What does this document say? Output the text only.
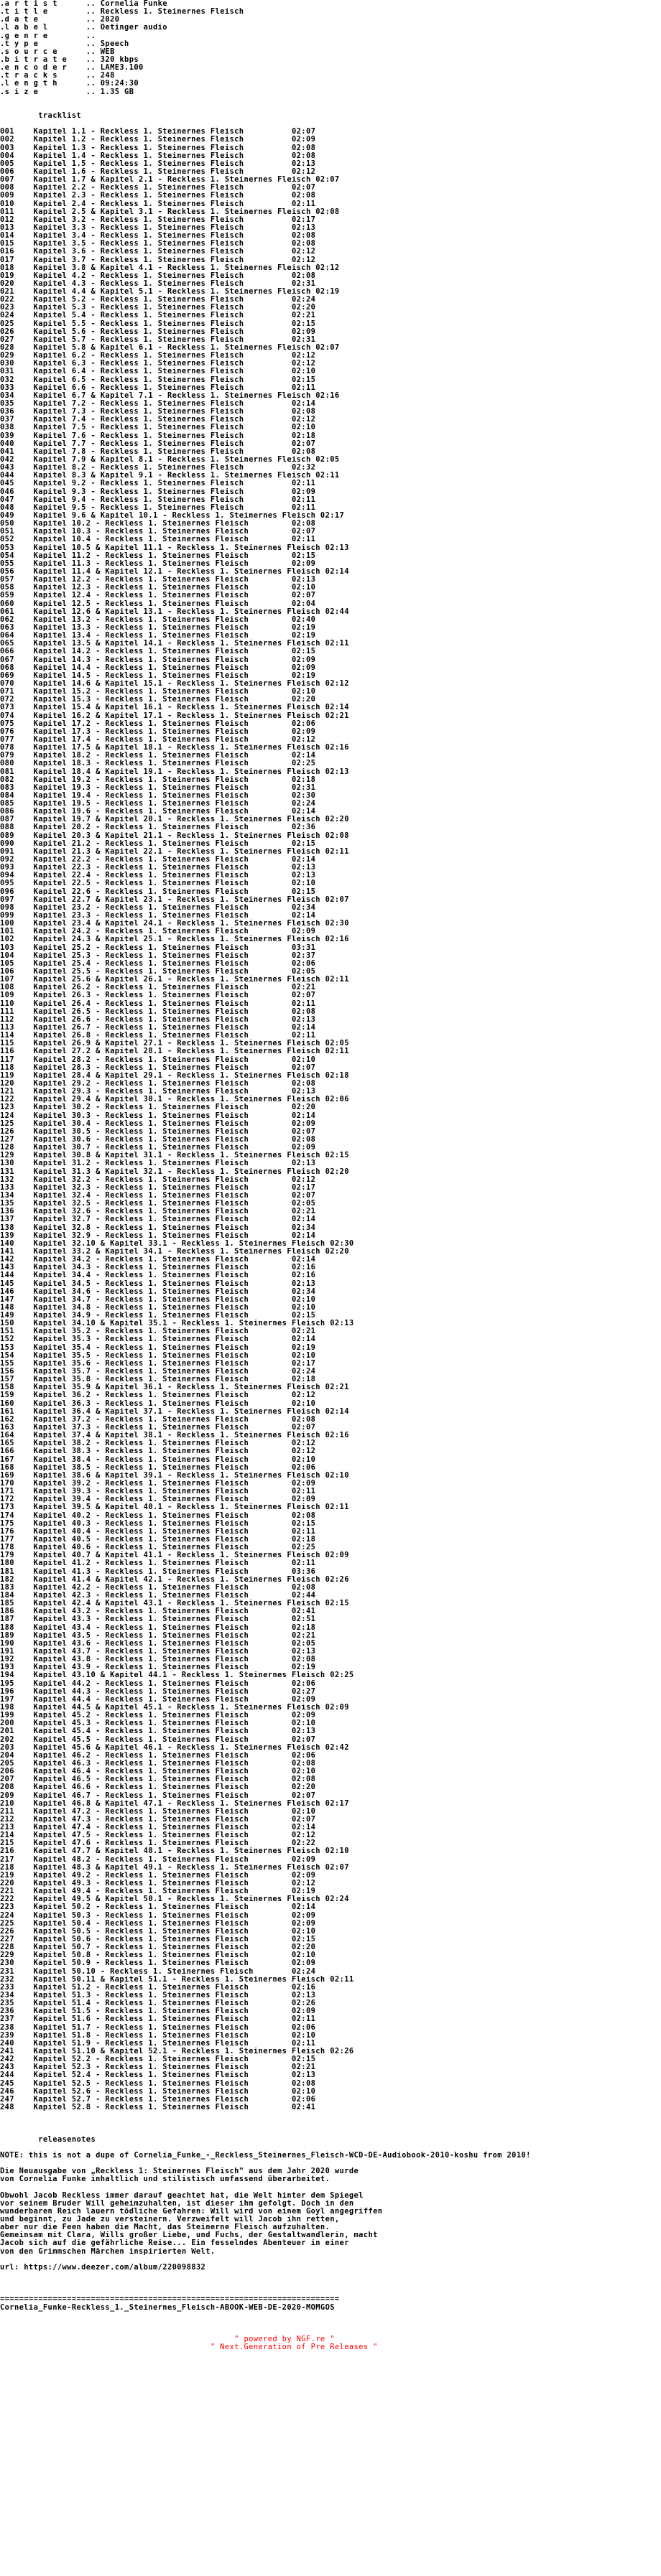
.a r t i s t      .. Cornelia Funke
.t i t l e        .. Reckless 1. Steinernes Fleisch
.d a t e          .. 2020
.l a b e l        .. Oetinger audio
.g e n r e        ..
.t y p e          .. Speech
.s o u r c e      .. WEB
.b i t r a t e    .. 320 kbps
.e n c o d e r    .. LAME3.100
.t r a c k s      .. 248
.l e n g t h      .. 09:24:30
.s i z e          .. 1.35 GB

tracklist

001    Kapitel 1.1 - Reckless 1. Steinernes Fleisch          02:07
002    Kapitel 1.2 - Reckless 1. Steinernes Fleisch          02:09
003    Kapitel 1.3 - Reckless 1. Steinernes Fleisch          02:08
004    Kapitel 1.4 - Reckless 1. Steinernes Fleisch          02:08
005    Kapitel 1.5 - Reckless 1. Steinernes Fleisch          02:13
006    Kapitel 1.6 - Reckless 1. Steinernes Fleisch          02:12
007    Kapitel 1.7 & Kapitel 2.1 - Reckless 1. Steinernes Fleisch 02:07
008    Kapitel 2.2 - Reckless 1. Steinernes Fleisch          02:07
009    Kapitel 2.3 - Reckless 1. Steinernes Fleisch          02:08
010    Kapitel 2.4 - Reckless 1. Steinernes Fleisch          02:11
011    Kapitel 2.5 & Kapitel 3.1 - Reckless 1. Steinernes Fleisch 02:08
012    Kapitel 3.2 - Reckless 1. Steinernes Fleisch          02:17
013    Kapitel 3.3 - Reckless 1. Steinernes Fleisch          02:13
014    Kapitel 3.4 - Reckless 1. Steinernes Fleisch          02:08
015    Kapitel 3.5 - Reckless 1. Steinernes Fleisch          02:08
016    Kapitel 3.6 - Reckless 1. Steinernes Fleisch          02:12
017    Kapitel 3.7 - Reckless 1. Steinernes Fleisch          02:12
018    Kapitel 3.8 & Kapitel 4.1 - Reckless 1. Steinernes Fleisch 02:12
019    Kapitel 4.2 - Reckless 1. Steinernes Fleisch          02:08
020    Kapitel 4.3 - Reckless 1. Steinernes Fleisch          02:31
021    Kapitel 4.4 & Kapitel 5.1 - Reckless 1. Steinernes Fleisch 02:19
022    Kapitel 5.2 - Reckless 1. Steinernes Fleisch          02:24
023    Kapitel 5.3 - Reckless 1. Steinernes Fleisch          02:20
024    Kapitel 5.4 - Reckless 1. Steinernes Fleisch          02:21
025    Kapitel 5.5 - Reckless 1. Steinernes Fleisch          02:15
026    Kapitel 5.6 - Reckless 1. Steinernes Fleisch          02:09
027    Kapitel 5.7 - Reckless 1. Steinernes Fleisch          02:31
028    Kapitel 5.8 & Kapitel 6.1 - Reckless 1. Steinernes Fleisch 02:07
029    Kapitel 6.2 - Reckless 1. Steinernes Fleisch          02:12
030    Kapitel 6.3 - Reckless 1. Steinernes Fleisch          02:12
031    Kapitel 6.4 - Reckless 1. Steinernes Fleisch          02:10
032    Kapitel 6.5 - Reckless 1. Steinernes Fleisch          02:15
033    Kapitel 6.6 - Reckless 1. Steinernes Fleisch          02:11
034    Kapitel 6.7 & Kapitel 7.1 - Reckless 1. Steinernes Fleisch 02:16
035    Kapitel 7.2 - Reckless 1. Steinernes Fleisch          02:14
036    Kapitel 7.3 - Reckless 1. Steinernes Fleisch          02:08
037    Kapitel 7.4 - Reckless 1. Steinernes Fleisch          02:12
038    Kapitel 7.5 - Reckless 1. Steinernes Fleisch          02:10
039    Kapitel 7.6 - Reckless 1. Steinernes Fleisch          02:18
040    Kapitel 7.7 - Reckless 1. Steinernes Fleisch          02:07
041    Kapitel 7.8 - Reckless 1. Steinernes Fleisch          02:08
042    Kapitel 7.9 & Kapitel 8.1 - Reckless 1. Steinernes Fleisch 02:05
043    Kapitel 8.2 - Reckless 1. Steinernes Fleisch          02:32
044    Kapitel 8.3 & Kapitel 9.1 - Reckless 1. Steinernes Fleisch 02:11
045    Kapitel 9.2 - Reckless 1. Steinernes Fleisch          02:11
046    Kapitel 9.3 - Reckless 1. Steinernes Fleisch          02:09
047    Kapitel 9.4 - Reckless 1. Steinernes Fleisch          02:11
048    Kapitel 9.5 - Reckless 1. Steinernes Fleisch          02:11
049    Kapitel 9.6 & Kapitel 10.1 - Reckless 1. Steinernes Fleisch 02:17
050    Kapitel 10.2 - Reckless 1. Steinernes Fleisch         02:08
051    Kapitel 10.3 - Reckless 1. Steinernes Fleisch         02:07
052    Kapitel 10.4 - Reckless 1. Steinernes Fleisch         02:11
053    Kapitel 10.5 & Kapitel 11.1 - Reckless 1. Steinernes Fleisch 02:13
054    Kapitel 11.2 - Reckless 1. Steinernes Fleisch         02:15
055    Kapitel 11.3 - Reckless 1. Steinernes Fleisch         02:09
056    Kapitel 11.4 & Kapitel 12.1 - Reckless 1. Steinernes Fleisch 02:14
057    Kapitel 12.2 - Reckless 1. Steinernes Fleisch         02:13
058    Kapitel 12.3 - Reckless 1. Steinernes Fleisch         02:10
059    Kapitel 12.4 - Reckless 1. Steinernes Fleisch         02:07
060    Kapitel 12.5 - Reckless 1. Steinernes Fleisch         02:04
061    Kapitel 12.6 & Kapitel 13.1 - Reckless 1. Steinernes Fleisch 02:44
062    Kapitel 13.2 - Reckless 1. Steinernes Fleisch         02:40
063    Kapitel 13.3 - Reckless 1. Steinernes Fleisch         02:19
064    Kapitel 13.4 - Reckless 1. Steinernes Fleisch         02:19
065    Kapitel 13.5 & Kapitel 14.1 - Reckless 1. Steinernes Fleisch 02:11
066    Kapitel 14.2 - Reckless 1. Steinernes Fleisch         02:15
067    Kapitel 14.3 - Reckless 1. Steinernes Fleisch         02:09
068    Kapitel 14.4 - Reckless 1. Steinernes Fleisch         02:09
069    Kapitel 14.5 - Reckless 1. Steinernes Fleisch         02:19
070    Kapitel 14.6 & Kapitel 15.1 - Reckless 1. Steinernes Fleisch 02:12
071    Kapitel 15.2 - Reckless 1. Steinernes Fleisch         02:10
072    Kapitel 15.3 - Reckless 1. Steinernes Fleisch         02:20
073    Kapitel 15.4 & Kapitel 16.1 - Reckless 1. Steinernes Fleisch 02:14
074    Kapitel 16.2 & Kapitel 17.1 - Reckless 1. Steinernes Fleisch 02:21
075    Kapitel 17.2 - Reckless 1. Steinernes Fleisch         02:06
076    Kapitel 17.3 - Reckless 1. Steinernes Fleisch         02:09
077    Kapitel 17.4 - Reckless 1. Steinernes Fleisch         02:12
078    Kapitel 17.5 & Kapitel 18.1 - Reckless 1. Steinernes Fleisch 02:16
079    Kapitel 18.2 - Reckless 1. Steinernes Fleisch         02:14
080    Kapitel 18.3 - Reckless 1. Steinernes Fleisch         02:25
081    Kapitel 18.4 & Kapitel 19.1 - Reckless 1. Steinernes Fleisch 02:13
082    Kapitel 19.2 - Reckless 1. Steinernes Fleisch         02:18
083    Kapitel 19.3 - Reckless 1. Steinernes Fleisch         02:31
084    Kapitel 19.4 - Reckless 1. Steinernes Fleisch         02:30
085    Kapitel 19.5 - Reckless 1. Steinernes Fleisch         02:24
086    Kapitel 19.6 - Reckless 1. Steinernes Fleisch         02:14
087    Kapitel 19.7 & Kapitel 20.1 - Reckless 1. Steinernes Fleisch 02:20
088    Kapitel 20.2 - Reckless 1. Steinernes Fleisch         02:36
089    Kapitel 20.3 & Kapitel 21.1 - Reckless 1. Steinernes Fleisch 02:08
090    Kapitel 21.2 - Reckless 1. Steinernes Fleisch         02:15
091    Kapitel 21.3 & Kapitel 22.1 - Reckless 1. Steinernes Fleisch 02:11
092    Kapitel 22.2 - Reckless 1. Steinernes Fleisch         02:14
093    Kapitel 22.3 - Reckless 1. Steinernes Fleisch         02:13
094    Kapitel 22.4 - Reckless 1. Steinernes Fleisch         02:13
095    Kapitel 22.5 - Reckless 1. Steinernes Fleisch         02:10
096    Kapitel 22.6 - Reckless 1. Steinernes Fleisch         02:15
097    Kapitel 22.7 & Kapitel 23.1 - Reckless 1. Steinernes Fleisch 02:07
098    Kapitel 23.2 - Reckless 1. Steinernes Fleisch         02:34
099    Kapitel 23.3 - Reckless 1. Steinernes Fleisch         02:14
100    Kapitel 23.4 & Kapitel 24.1 - Reckless 1. Steinernes Fleisch 02:30
101    Kapitel 24.2 - Reckless 1. Steinernes Fleisch         02:09
102    Kapitel 24.3 & Kapitel 25.1 - Reckless 1. Steinernes Fleisch 02:16
103    Kapitel 25.2 - Reckless 1. Steinernes Fleisch         03:31
104    Kapitel 25.3 - Reckless 1. Steinernes Fleisch         02:37
105    Kapitel 25.4 - Reckless 1. Steinernes Fleisch         02:06
106    Kapitel 25.5 - Reckless 1. Steinernes Fleisch         02:05
107    Kapitel 25.6 & Kapitel 26.1 - Reckless 1. Steinernes Fleisch 02:11
108    Kapitel 26.2 - Reckless 1. Steinernes Fleisch         02:21
109    Kapitel 26.3 - Reckless 1. Steinernes Fleisch         02:07
110    Kapitel 26.4 - Reckless 1. Steinernes Fleisch         02:11
111    Kapitel 26.5 - Reckless 1. Steinernes Fleisch         02:08
112    Kapitel 26.6 - Reckless 1. Steinernes Fleisch         02:13
113    Kapitel 26.7 - Reckless 1. Steinernes Fleisch         02:14
114    Kapitel 26.8 - Reckless 1. Steinernes Fleisch         02:11
115    Kapitel 26.9 & Kapitel 27.1 - Reckless 1. Steinernes Fleisch 02:05
116    Kapitel 27.2 & Kapitel 28.1 - Reckless 1. Steinernes Fleisch 02:11
117    Kapitel 28.2 - Reckless 1. Steinernes Fleisch         02:10
118    Kapitel 28.3 - Reckless 1. Steinernes Fleisch         02:07
119    Kapitel 28.4 & Kapitel 29.1 - Reckless 1. Steinernes Fleisch 02:18
120    Kapitel 29.2 - Reckless 1. Steinernes Fleisch         02:08
121    Kapitel 29.3 - Reckless 1. Steinernes Fleisch         02:13
122    Kapitel 29.4 & Kapitel 30.1 - Reckless 1. Steinernes Fleisch 02:06
123    Kapitel 30.2 - Reckless 1. Steinernes Fleisch         02:20
124    Kapitel 30.3 - Reckless 1. Steinernes Fleisch         02:14
125    Kapitel 30.4 - Reckless 1. Steinernes Fleisch         02:09
126    Kapitel 30.5 - Reckless 1. Steinernes Fleisch         02:07
127    Kapitel 30.6 - Reckless 1. Steinernes Fleisch         02:08
128    Kapitel 30.7 - Reckless 1. Steinernes Fleisch         02:09
129    Kapitel 30.8 & Kapitel 31.1 - Reckless 1. Steinernes Fleisch 02:15
130    Kapitel 31.2 - Reckless 1. Steinernes Fleisch         02:13
131    Kapitel 31.3 & Kapitel 32.1 - Reckless 1. Steinernes Fleisch 02:20
132    Kapitel 32.2 - Reckless 1. Steinernes Fleisch         02:12
133    Kapitel 32.3 - Reckless 1. Steinernes Fleisch         02:17
134    Kapitel 32.4 - Reckless 1. Steinernes Fleisch         02:07
135    Kapitel 32.5 - Reckless 1. Steinernes Fleisch         02:05
136    Kapitel 32.6 - Reckless 1. Steinernes Fleisch         02:21
137    Kapitel 32.7 - Reckless 1. Steinernes Fleisch         02:14
138    Kapitel 32.8 - Reckless 1. Steinernes Fleisch         02:34
139    Kapitel 32.9 - Reckless 1. Steinernes Fleisch         02:14
140    Kapitel 32.10 & Kapitel 33.1 - Reckless 1. Steinernes Fleisch 02:30
141    Kapitel 33.2 & Kapitel 34.1 - Reckless 1. Steinernes Fleisch 02:20
142    Kapitel 34.2 - Reckless 1. Steinernes Fleisch         02:14
143    Kapitel 34.3 - Reckless 1. Steinernes Fleisch         02:16
144    Kapitel 34.4 - Reckless 1. Steinernes Fleisch         02:16
145    Kapitel 34.5 - Reckless 1. Steinernes Fleisch         02:13
146    Kapitel 34.6 - Reckless 1. Steinernes Fleisch         02:34
147    Kapitel 34.7 - Reckless 1. Steinernes Fleisch         02:10
148    Kapitel 34.8 - Reckless 1. Steinernes Fleisch         02:10
149    Kapitel 34.9 - Reckless 1. Steinernes Fleisch         02:15
150    Kapitel 34.10 & Kapitel 35.1 - Reckless 1. Steinernes Fleisch 02:13
151    Kapitel 35.2 - Reckless 1. Steinernes Fleisch         02:21
152    Kapitel 35.3 - Reckless 1. Steinernes Fleisch         02:14
153    Kapitel 35.4 - Reckless 1. Steinernes Fleisch         02:19
154    Kapitel 35.5 - Reckless 1. Steinernes Fleisch         02:10
155    Kapitel 35.6 - Reckless 1. Steinernes Fleisch         02:17
156    Kapitel 35.7 - Reckless 1. Steinernes Fleisch         02:24
157    Kapitel 35.8 - Reckless 1. Steinernes Fleisch         02:18
158    Kapitel 35.9 & Kapitel 36.1 - Reckless 1. Steinernes Fleisch 02:21
159    Kapitel 36.2 - Reckless 1. Steinernes Fleisch         02:12
160    Kapitel 36.3 - Reckless 1. Steinernes Fleisch         02:10
161    Kapitel 36.4 & Kapitel 37.1 - Reckless 1. Steinernes Fleisch 02:14
162    Kapitel 37.2 - Reckless 1. Steinernes Fleisch         02:08
163    Kapitel 37.3 - Reckless 1. Steinernes Fleisch         02:07
164    Kapitel 37.4 & Kapitel 38.1 - Reckless 1. Steinernes Fleisch 02:16
165    Kapitel 38.2 - Reckless 1. Steinernes Fleisch         02:12
166    Kapitel 38.3 - Reckless 1. Steinernes Fleisch         02:12
167    Kapitel 38.4 - Reckless 1. Steinernes Fleisch         02:10
168    Kapitel 38.5 - Reckless 1. Steinernes Fleisch         02:06
169    Kapitel 38.6 & Kapitel 39.1 - Reckless 1. Steinernes Fleisch 02:10
170    Kapitel 39.2 - Reckless 1. Steinernes Fleisch         02:09
171    Kapitel 39.3 - Reckless 1. Steinernes Fleisch         02:11
172    Kapitel 39.4 - Reckless 1. Steinernes Fleisch         02:09
173    Kapitel 39.5 & Kapitel 40.1 - Reckless 1. Steinernes Fleisch 02:11
174    Kapitel 40.2 - Reckless 1. Steinernes Fleisch         02:08
175    Kapitel 40.3 - Reckless 1. Steinernes Fleisch         02:15
176    Kapitel 40.4 - Reckless 1. Steinernes Fleisch         02:11
177    Kapitel 40.5 - Reckless 1. Steinernes Fleisch         02:18
178    Kapitel 40.6 - Reckless 1. Steinernes Fleisch         02:25
179    Kapitel 40.7 & Kapitel 41.1 - Reckless 1. Steinernes Fleisch 02:09
180    Kapitel 41.2 - Reckless 1. Steinernes Fleisch         02:11
181    Kapitel 41.3 - Reckless 1. Steinernes Fleisch         03:36
182    Kapitel 41.4 & Kapitel 42.1 - Reckless 1. Steinernes Fleisch 02:26
183    Kapitel 42.2 - Reckless 1. Steinernes Fleisch         02:08
184    Kapitel 42.3 - Reckless 1. Steinernes Fleisch         02:44
185    Kapitel 42.4 & Kapitel 43.1 - Reckless 1. Steinernes Fleisch 02:15
186    Kapitel 43.2 - Reckless 1. Steinernes Fleisch         02:41
187    Kapitel 43.3 - Reckless 1. Steinernes Fleisch         02:51
188    Kapitel 43.4 - Reckless 1. Steinernes Fleisch         02:18
189    Kapitel 43.5 - Reckless 1. Steinernes Fleisch         02:21
190    Kapitel 43.6 - Reckless 1. Steinernes Fleisch         02:05
191    Kapitel 43.7 - Reckless 1. Steinernes Fleisch         02:13
192    Kapitel 43.8 - Reckless 1. Steinernes Fleisch         02:08
193    Kapitel 43.9 - Reckless 1. Steinernes Fleisch         02:19
194    Kapitel 43.10 & Kapitel 44.1 - Reckless 1. Steinernes Fleisch 02:25
195    Kapitel 44.2 - Reckless 1. Steinernes Fleisch         02:06
196    Kapitel 44.3 - Reckless 1. Steinernes Fleisch         02:27
197    Kapitel 44.4 - Reckless 1. Steinernes Fleisch         02:09
198    Kapitel 44.5 & Kapitel 45.1 - Reckless 1. Steinernes Fleisch 02:09
199    Kapitel 45.2 - Reckless 1. Steinernes Fleisch         02:09
200    Kapitel 45.3 - Reckless 1. Steinernes Fleisch         02:10
201    Kapitel 45.4 - Reckless 1. Steinernes Fleisch         02:13
202    Kapitel 45.5 - Reckless 1. Steinernes Fleisch         02:07
203    Kapitel 45.6 & Kapitel 46.1 - Reckless 1. Steinernes Fleisch 02:42
204    Kapitel 46.2 - Reckless 1. Steinernes Fleisch         02:06
205    Kapitel 46.3 - Reckless 1. Steinernes Fleisch         02:08
206    Kapitel 46.4 - Reckless 1. Steinernes Fleisch         02:10
207    Kapitel 46.5 - Reckless 1. Steinernes Fleisch         02:08
208    Kapitel 46.6 - Reckless 1. Steinernes Fleisch         02:20
209    Kapitel 46.7 - Reckless 1. Steinernes Fleisch         02:07
210    Kapitel 46.8 & Kapitel 47.1 - Reckless 1. Steinernes Fleisch 02:17
211    Kapitel 47.2 - Reckless 1. Steinernes Fleisch         02:10
212    Kapitel 47.3 - Reckless 1. Steinernes Fleisch         02:07
213    Kapitel 47.4 - Reckless 1. Steinernes Fleisch         02:14
214    Kapitel 47.5 - Reckless 1. Steinernes Fleisch         02:12
215    Kapitel 47.6 - Reckless 1. Steinernes Fleisch         02:22
216    Kapitel 47.7 & Kapitel 48.1 - Reckless 1. Steinernes Fleisch 02:10
217    Kapitel 48.2 - Reckless 1. Steinernes Fleisch         02:09
218    Kapitel 48.3 & Kapitel 49.1 - Reckless 1. Steinernes Fleisch 02:07
219    Kapitel 49.2 - Reckless 1. Steinernes Fleisch         02:09
220    Kapitel 49.3 - Reckless 1. Steinernes Fleisch         02:12
221    Kapitel 49.4 - Reckless 1. Steinernes Fleisch         02:19
222    Kapitel 49.5 & Kapitel 50.1 - Reckless 1. Steinernes Fleisch 02:24
223    Kapitel 50.2 - Reckless 1. Steinernes Fleisch         02:14
224    Kapitel 50.3 - Reckless 1. Steinernes Fleisch         02:09
225    Kapitel 50.4 - Reckless 1. Steinernes Fleisch         02:09
226    Kapitel 50.5 - Reckless 1. Steinernes Fleisch         02:10
227    Kapitel 50.6 - Reckless 1. Steinernes Fleisch         02:15
228    Kapitel 50.7 - Reckless 1. Steinernes Fleisch         02:20
229    Kapitel 50.8 - Reckless 1. Steinernes Fleisch         02:10
230    Kapitel 50.9 - Reckless 1. Steinernes Fleisch         02:09
231    Kapitel 50.10 - Reckless 1. Steinernes Fleisch        02:24
232    Kapitel 50.11 & Kapitel 51.1 - Reckless 1. Steinernes Fleisch 02:11
233    Kapitel 51.2 - Reckless 1. Steinernes Fleisch         02:16
234    Kapitel 51.3 - Reckless 1. Steinernes Fleisch         02:13
235    Kapitel 51.4 - Reckless 1. Steinernes Fleisch         02:26
236    Kapitel 51.5 - Reckless 1. Steinernes Fleisch         02:09
237    Kapitel 51.6 - Reckless 1. Steinernes Fleisch         02:11
238    Kapitel 51.7 - Reckless 1. Steinernes Fleisch         02:06
239    Kapitel 51.8 - Reckless 1. Steinernes Fleisch         02:10
240    Kapitel 51.9 - Reckless 1. Steinernes Fleisch         02:11
241    Kapitel 51.10 & Kapitel 52.1 - Reckless 1. Steinernes Fleisch 02:26
242    Kapitel 52.2 - Reckless 1. Steinernes Fleisch         02:15
243    Kapitel 52.3 - Reckless 1. Steinernes Fleisch         02:21
244    Kapitel 52.4 - Reckless 1. Steinernes Fleisch         02:13
245    Kapitel 52.5 - Reckless 1. Steinernes Fleisch         02:08
246    Kapitel 52.6 - Reckless 1. Steinernes Fleisch         02:10
247    Kapitel 52.7 - Reckless 1. Steinernes Fleisch         02:06
248    Kapitel 52.8 - Reckless 1. Steinernes Fleisch         02:41

releasenotes

NOTE: this is not a dupe of Cornelia_Funke_-_Reckless_Steinernes_Fleisch-WCD-DE-Audiobook-2010-koshu from 2010!

Die Neuausgabe von „Reckless 1: Steinernes Fleisch" aus dem Jahr 2020 wurde
von Cornelia Funke inhaltlich und stilistisch umfassend überarbeitet.

Obwohl Jacob Reckless immer darauf geachtet hat, die Welt hinter dem Spiegel
vor seinem Bruder Will geheimzuhalten, ist dieser ihm gefolgt. Doch in den
wunderbaren Reich lauern tödliche Gefahren: Will wird von einem Goyl angegriffen
und beginnt, zu Jade zu versteinern. Verzweifelt will Jacob ihn retten,
aber nur die Feen haben die Macht, das Steinerne Fleisch aufzuhalten.
Gemeinsam mit Clara, Wills großer Liebe, und Fuchs, der Gestaltwandlerin, macht
Jacob sich auf die gefährliche Reise... Ein fesselndes Abenteuer in einer
von den Grimmschen Märchen inspirierten Welt.

url: https://www.deezer.com/album/220098832

=======================================================================
Cornelia_Funke-Reckless_1._Steinernes_Fleisch-ABOOK-WEB-DE-2020-MOMGOS

" powered by NGF.re "
" Next.Generation of Pre Releases "
